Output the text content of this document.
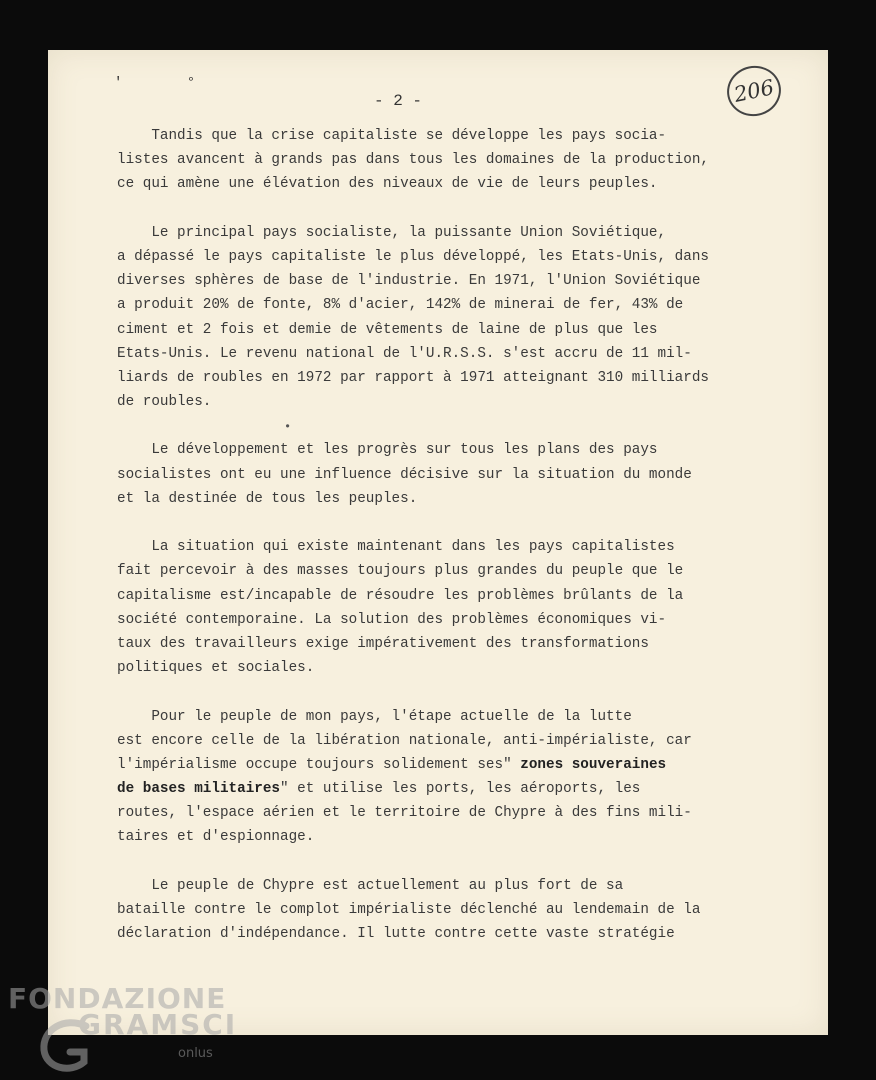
' °
- 2 -	206
•
Tandis que la crise capitaliste se développe les pays socia-
listes avancent à grands pas dans tous les domaines de la production,
ce qui amène une élévation des niveaux de vie de leurs peuples.
Le principal pays socialiste, la puissante Union Soviétique,
a dépassé le pays capitaliste le plus développé, les Etats-Unis, dans
diverses sphères de base de l'industrie. En 1971, l'Union Soviétique
a produit 20% de fonte, 8% d'acier, 142% de minerai de fer, 43% de
ciment et 2 fois et demie de vêtements de laine de plus que les
Etats-Unis. Le revenu national de l'U.R.S.S. s'est accru de 11 mil-
liards de roubles en 1972 par rapport à 1971 atteignant 310 milliards
de roubles.
Le développement et les progrès sur tous les plans des pays
socialistes ont eu une influence décisive sur la situation du monde
et la destinée de tous les peuples.
La situation qui existe maintenant dans les pays capitalistes
fait percevoir à des masses toujours plus grandes du peuple que le
capitalisme est/incapable de résoudre les problèmes brûlants de la
société contemporaine. La solution des problèmes économiques vi-
taux des travailleurs exige impérativement des transformations
politiques et sociales.
Pour le peuple de mon pays, l'étape actuelle de la lutte
est encore celle de la libération nationale, anti-impérialiste, car
l'impérialisme occupe toujours solidement ses" zones souveraines
de bases militaires" et utilise les ports, les aéroports, les
routes, l'espace aérien et le territoire de Chypre à des fins mili-
taires et d'espionnage.
Le peuple de Chypre est actuellement au plus fort de sa
bataille contre le complot impérialiste déclenché au lendemain de la
déclaration d'indépendance. Il lutte contre cette vaste stratégie
FONDAZIONE
GRAMSCI
onlus
